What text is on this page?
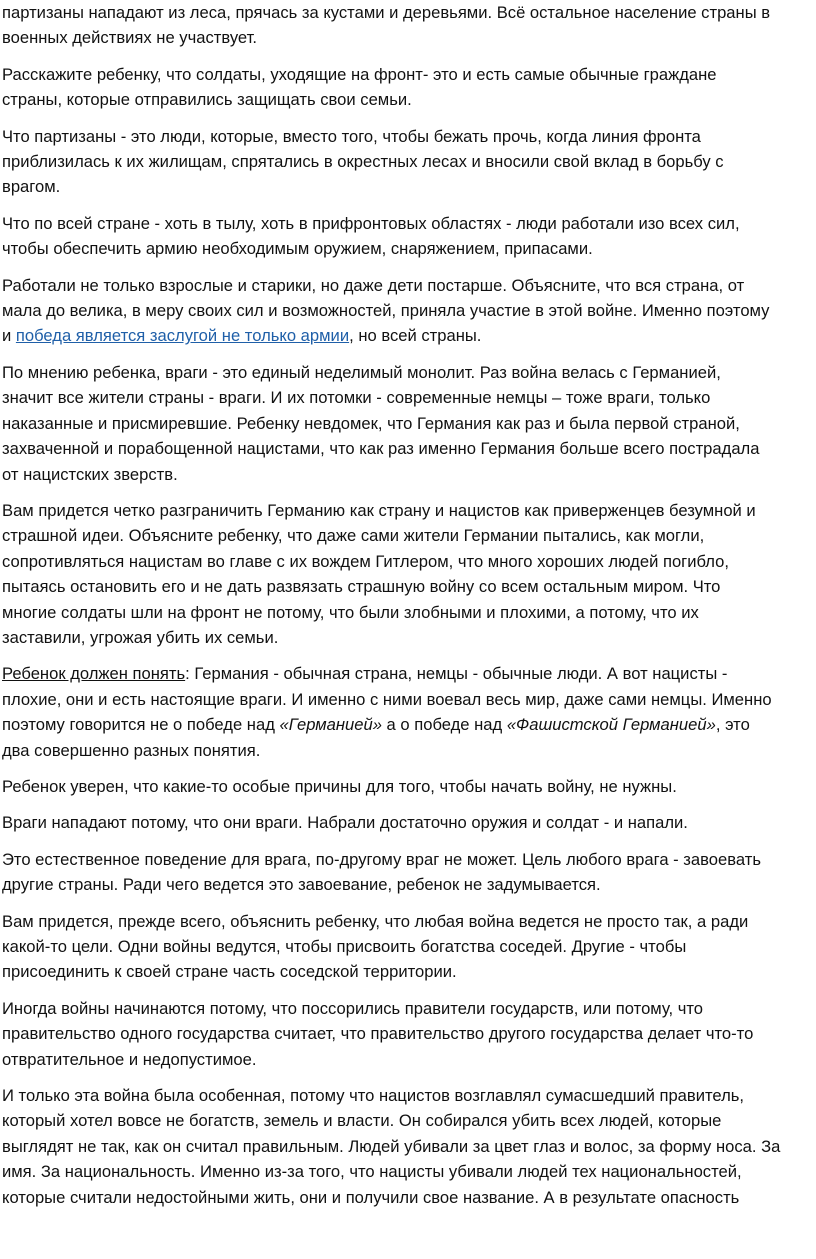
партизаны нападают из леса, прячась за кустами и деревьями. Всё остальное население страны в
военных действиях не участвует.

Расскажите ребенку, что солдаты, уходящие на фронт- это и есть самые обычные граждане
страны, которые отправились защищать свои семьи.

Что партизаны - это люди, которые, вместо того, чтобы бежать прочь, когда линия фронта
приблизилась к их жилищам, спрятались в окрестных лесах и вносили свой вклад в борьбу с
врагом.

Что по всей стране - хоть в тылу, хоть в прифронтовых областях - люди работали изо всех сил,
чтобы обеспечить армию необходимым оружием, снаряжением, припасами.

Работали не только взрослые и старики, но даже дети постарше. Объясните, что вся страна, от
мала до велика, в меру своих сил и возможностей, приняла участие в этой войне. Именно поэтому
и победа является заслугой не только армии, но всей страны.

По мнению ребенка, враги - это единый неделимый монолит. Раз война велась с Германией,
значит все жители страны - враги. И их потомки - современные немцы – тоже враги, только
наказанные и присмиревшие. Ребенку невдомек, что Германия как раз и была первой страной,
захваченной и порабощенной нацистами, что как раз именно Германия больше всего пострадала
от нацистских зверств.

Вам придется четко разграничить Германию как страну и нацистов как приверженцев безумной и
страшной идеи. Объясните ребенку, что даже сами жители Германии пытались, как могли,
сопротивляться нацистам во главе с их вождем Гитлером, что много хороших людей погибло,
пытаясь остановить его и не дать развязать страшную войну со всем остальным миром. Что
многие солдаты шли на фронт не потому, что были злобными и плохими, а потому, что их
заставили, угрожая убить их семьи.

Ребенок должен понять: Германия - обычная страна, немцы - обычные люди. А вот нацисты -
плохие, они и есть настоящие враги. И именно с ними воевал весь мир, даже сами немцы. Именно
поэтому говорится не о победе над «Германией» а о победе над «Фашистской Германией», это
два совершенно разных понятия.

Ребенок уверен, что какие-то особые причины для того, чтобы начать войну, не нужны.

Враги нападают потому, что они враги. Набрали достаточно оружия и солдат - и напали.

Это естественное поведение для врага, по-другому враг не может. Цель любого врага - завоевать
другие страны. Ради чего ведется это завоевание, ребенок не задумывается.

Вам придется, прежде всего, объяснить ребенку, что любая война ведется не просто так, а ради
какой-то цели. Одни войны ведутся, чтобы присвоить богатства соседей. Другие - чтобы
присоединить к своей стране часть соседской территории.

Иногда войны начинаются потому, что поссорились правители государств, или потому, что
правительство одного государства считает, что правительство другого государства делает что-то
отвратительное и недопустимое.

И только эта война была особенная, потому что нацистов возглавлял сумасшедший правитель,
который хотел вовсе не богатств, земель и власти. Он собирался убить всех людей, которые
выглядят не так, как он считал правильным. Людей убивали за цвет глаз и волос, за форму носа. За
имя. За национальность. Именно из-за того, что нацисты убивали людей тех национальностей,
которые считали недостойными жить, они и получили свое название. А в результате опасность
